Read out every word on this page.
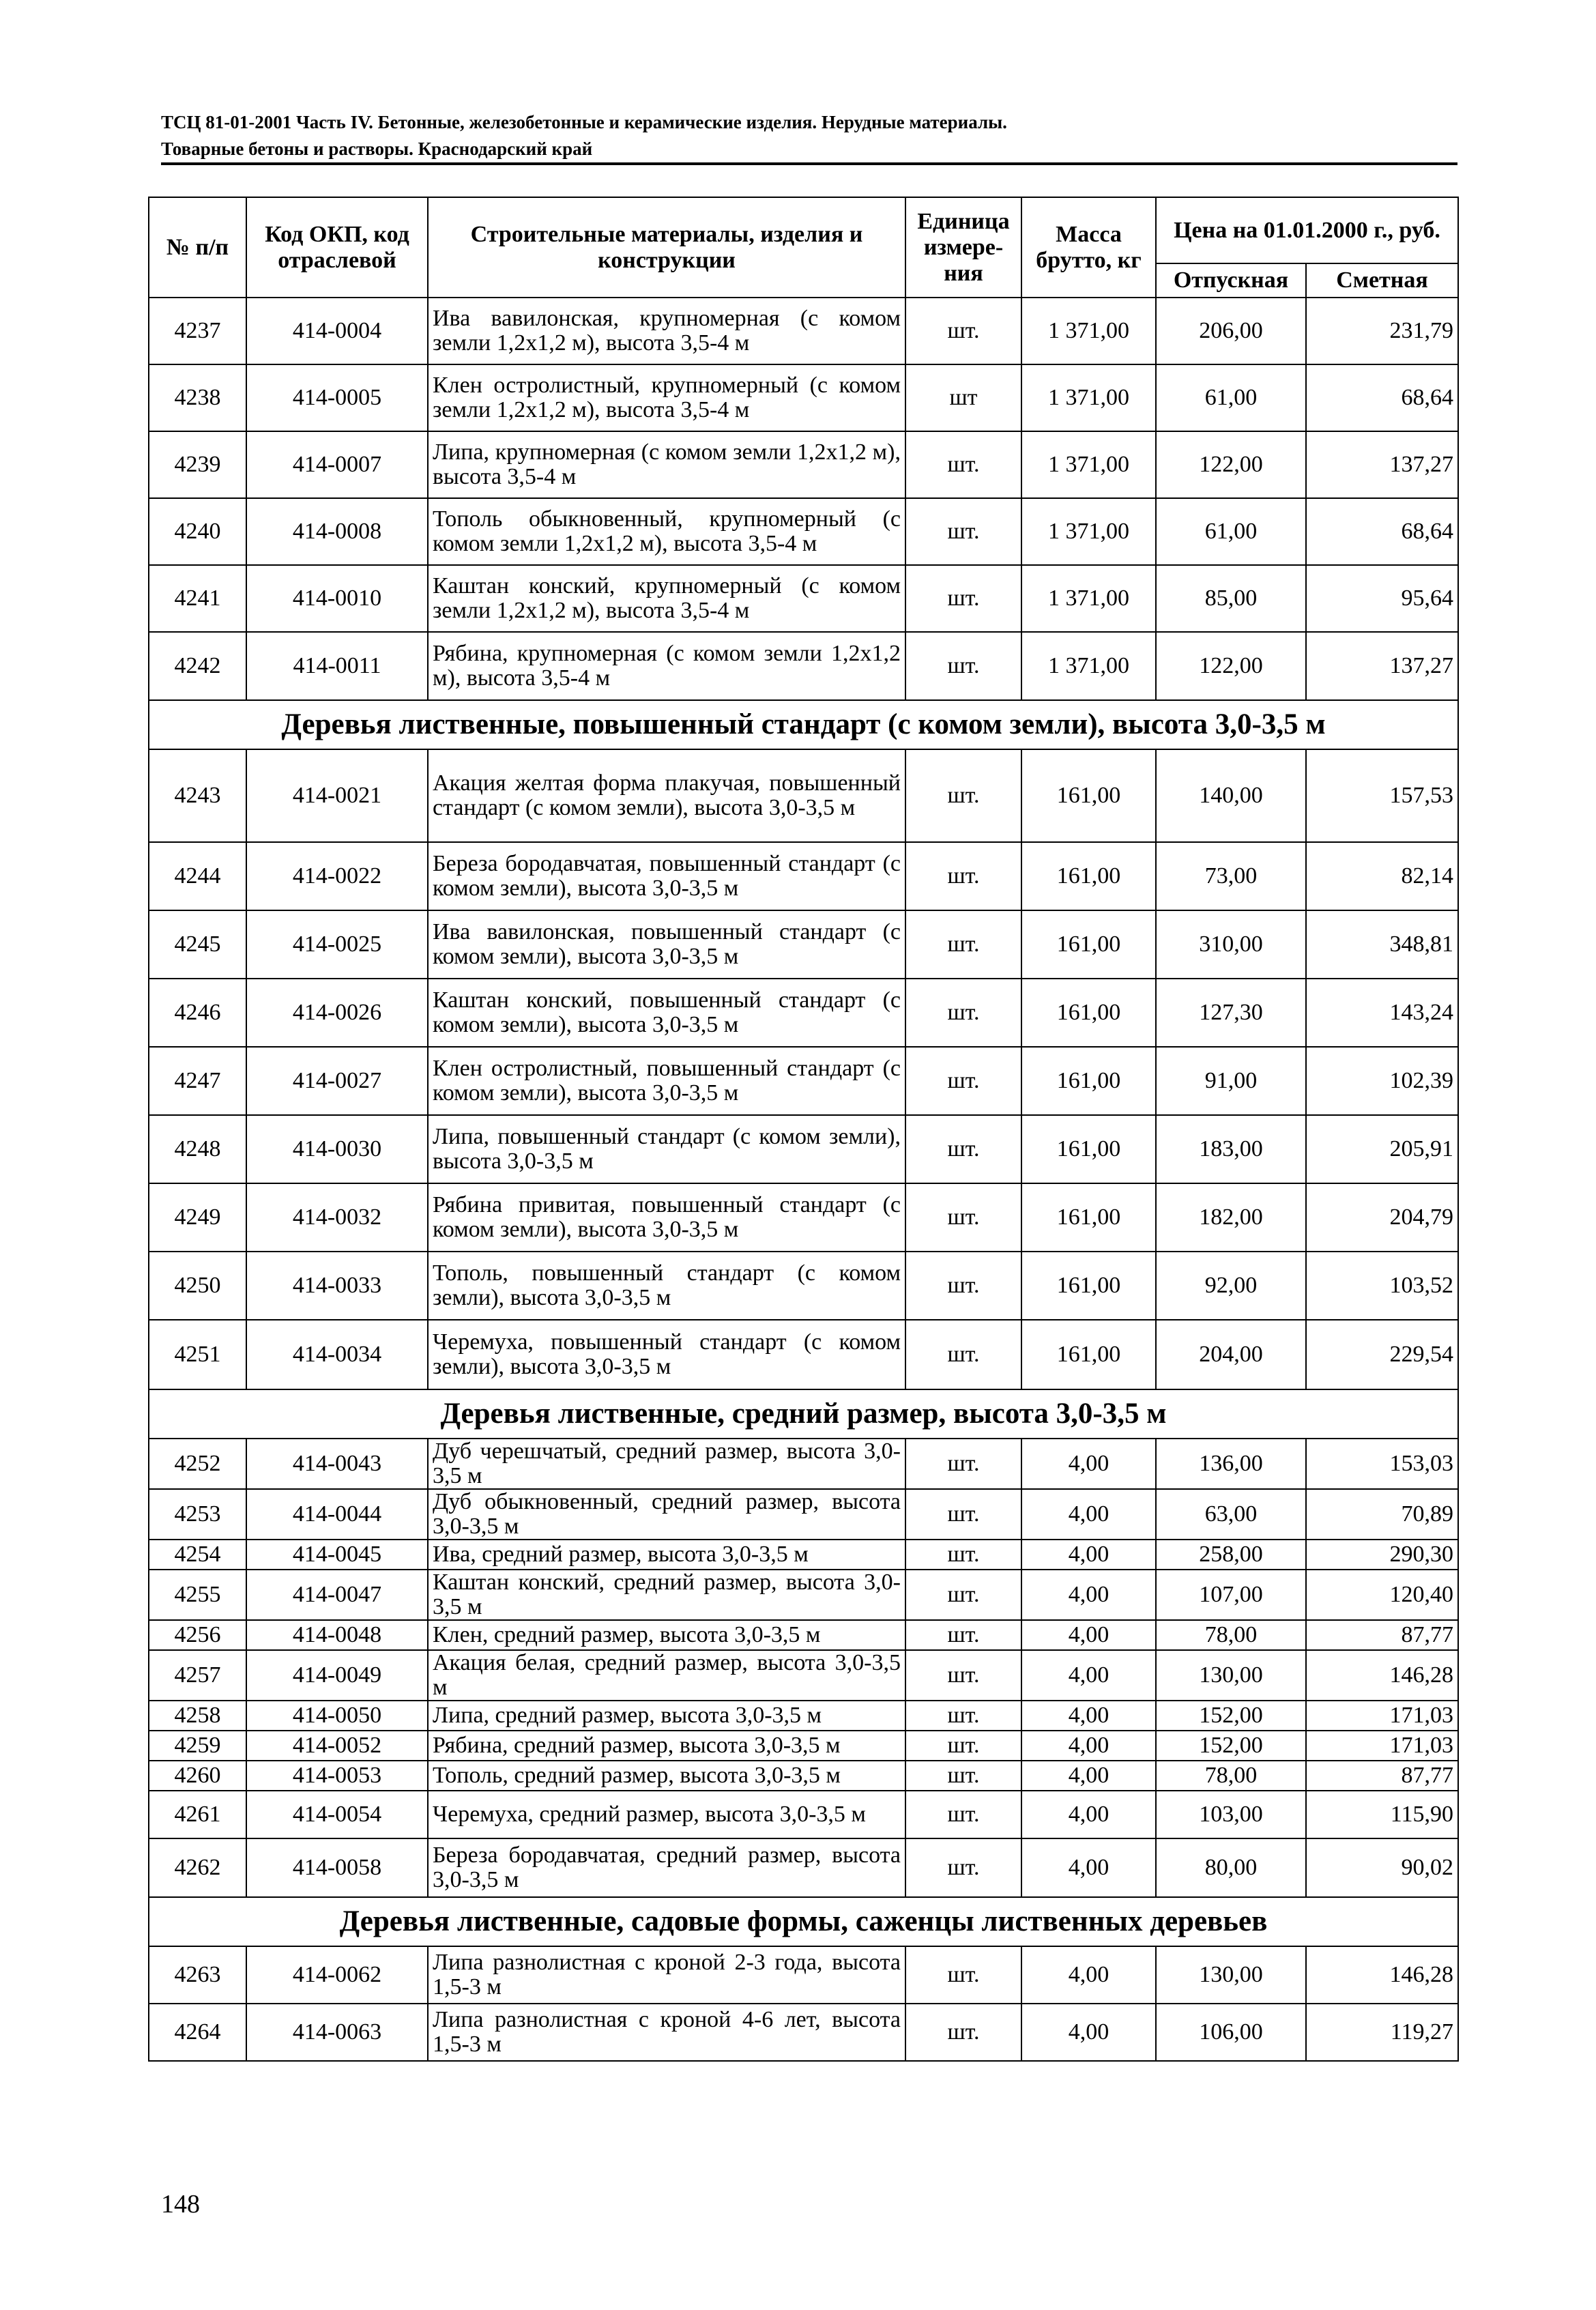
ТСЦ 81-01-2001 Часть IV. Бетонные, железобетонные и керамические изделия. Нерудные материалы.
Товарные бетоны и растворы. Краснодарский край
№ п/п	Код ОКП, код отраслевой	Строительные материалы, изделия и конструкции	Единица измере-ния	Масса брутто, кг	Цена на 01.01.2000 г., руб.	
					Отпускная	Сметная
4237	414-0004	Ива вавилонская, крупномерная (с комом земли 1,2х1,2 м), высота 3,5-4 м	шт.	1 371,00	206,00	231,79
4238	414-0005	Клен остролистный, крупномерный (с комом земли 1,2х1,2 м), высота 3,5-4 м	шт	1 371,00	61,00	68,64
4239	414-0007	Липа, крупномерная (с комом земли 1,2х1,2 м), высота 3,5-4 м	шт.	1 371,00	122,00	137,27
4240	414-0008	Тополь обыкновенный, крупномерный (с комом земли 1,2х1,2 м), высота 3,5-4 м	шт.	1 371,00	61,00	68,64
4241	414-0010	Каштан конский, крупномерный (с комом земли 1,2х1,2 м), высота 3,5-4 м	шт.	1 371,00	85,00	95,64
4242	414-0011	Рябина, крупномерная (с комом земли 1,2х1,2 м), высота 3,5-4 м	шт.	1 371,00	122,00	137,27
Деревья лиственные, повышенный стандарт (с комом земли), высота 3,0-3,5 м						
4243	414-0021	Акация желтая форма плакучая, повышенный стандарт (с комом земли), высота 3,0-3,5 м	шт.	161,00	140,00	157,53
4244	414-0022	Береза бородавчатая, повышенный стандарт (с комом земли), высота 3,0-3,5 м	шт.	161,00	73,00	82,14
4245	414-0025	Ива вавилонская, повышенный стандарт (с комом земли), высота 3,0-3,5 м	шт.	161,00	310,00	348,81
4246	414-0026	Каштан конский, повышенный стандарт (с комом земли), высота 3,0-3,5 м	шт.	161,00	127,30	143,24
4247	414-0027	Клен остролистный, повышенный стандарт (с комом земли), высота 3,0-3,5 м	шт.	161,00	91,00	102,39
4248	414-0030	Липа, повышенный стандарт (с комом земли), высота 3,0-3,5 м	шт.	161,00	183,00	205,91
4249	414-0032	Рябина привитая, повышенный стандарт (с комом земли), высота 3,0-3,5 м	шт.	161,00	182,00	204,79
4250	414-0033	Тополь, повышенный стандарт (с комом земли), высота 3,0-3,5 м	шт.	161,00	92,00	103,52
4251	414-0034	Черемуха, повышенный стандарт (с комом земли), высота 3,0-3,5 м	шт.	161,00	204,00	229,54
Деревья лиственные, средний размер, высота 3,0-3,5 м						
4252	414-0043	Дуб черешчатый, средний размер, высота 3,0-3,5 м	шт.	4,00	136,00	153,03
4253	414-0044	Дуб обыкновенный, средний размер, высота 3,0-3,5 м	шт.	4,00	63,00	70,89
4254	414-0045	Ива, средний размер, высота 3,0-3,5 м	шт.	4,00	258,00	290,30
4255	414-0047	Каштан конский, средний размер, высота 3,0-3,5 м	шт.	4,00	107,00	120,40
4256	414-0048	Клен, средний размер, высота 3,0-3,5 м	шт.	4,00	78,00	87,77
4257	414-0049	Акация белая, средний размер, высота 3,0-3,5 м	шт.	4,00	130,00	146,28
4258	414-0050	Липа, средний размер, высота 3,0-3,5 м	шт.	4,00	152,00	171,03
4259	414-0052	Рябина, средний размер, высота 3,0-3,5 м	шт.	4,00	152,00	171,03
4260	414-0053	Тополь, средний размер, высота 3,0-3,5 м	шт.	4,00	78,00	87,77
4261	414-0054	Черемуха, средний размер, высота 3,0-3,5 м	шт.	4,00	103,00	115,90
4262	414-0058	Береза бородавчатая, средний размер, высота 3,0-3,5 м	шт.	4,00	80,00	90,02
Деревья лиственные, садовые формы, саженцы лиственных деревьев						
4263	414-0062	Липа разнолистная с кроной 2-3 года, высота 1,5-3 м	шт.	4,00	130,00	146,28
4264	414-0063	Липа разнолистная с кроной 4-6 лет, высота 1,5-3 м	шт.	4,00	106,00	119,27
148
